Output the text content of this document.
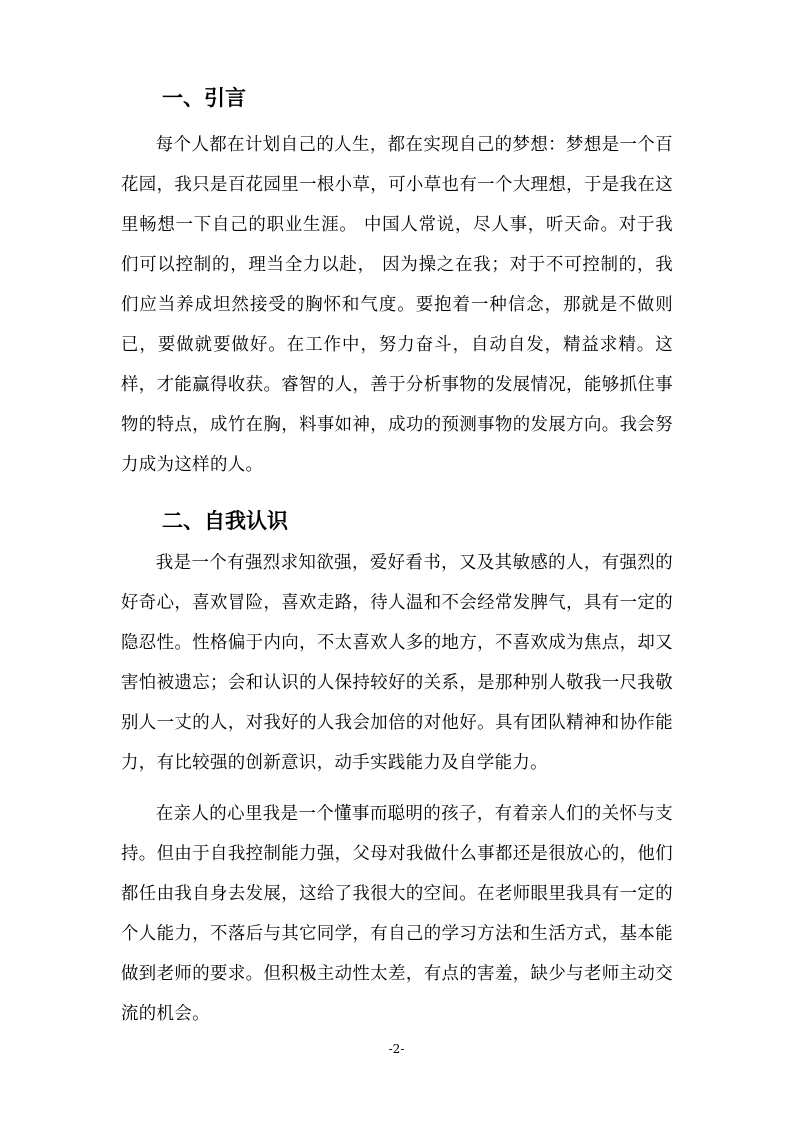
一、引言

每个人都在计划自己的人生，都在实现自己的梦想：梦想是一个百花园，我只是百花园里一根小草，可小草也有一个大理想，于是我在这里畅想一下自己的职业生涯。 中国人常说，尽人事，听天命。对于我们可以控制的，理当全力以赴， 因为操之在我；对于不可控制的，我们应当养成坦然接受的胸怀和气度。要抱着一种信念，那就是不做则已，要做就要做好。在工作中，努力奋斗，自动自发，精益求精。这样，才能赢得收获。睿智的人，善于分析事物的发展情况，能够抓住事物的特点，成竹在胸，料事如神，成功的预测事物的发展方向。我会努力成为这样的人。

二、自我认识

我是一个有强烈求知欲强，爱好看书，又及其敏感的人，有强烈的好奇心，喜欢冒险，喜欢走路，待人温和不会经常发脾气，具有一定的隐忍性。性格偏于内向，不太喜欢人多的地方，不喜欢成为焦点，却又害怕被遗忘；会和认识的人保持较好的关系，是那种别人敬我一尺我敬别人一丈的人，对我好的人我会加倍的对他好。具有团队精神和协作能力，有比较强的创新意识，动手实践能力及自学能力。

在亲人的心里我是一个懂事而聪明的孩子，有着亲人们的关怀与支持。但由于自我控制能力强，父母对我做什么事都还是很放心的，他们都任由我自身去发展，这给了我很大的空间。在老师眼里我具有一定的个人能力，不落后与其它同学，有自己的学习方法和生活方式，基本能做到老师的要求。但积极主动性太差，有点的害羞，缺少与老师主动交流的机会。

-2-
